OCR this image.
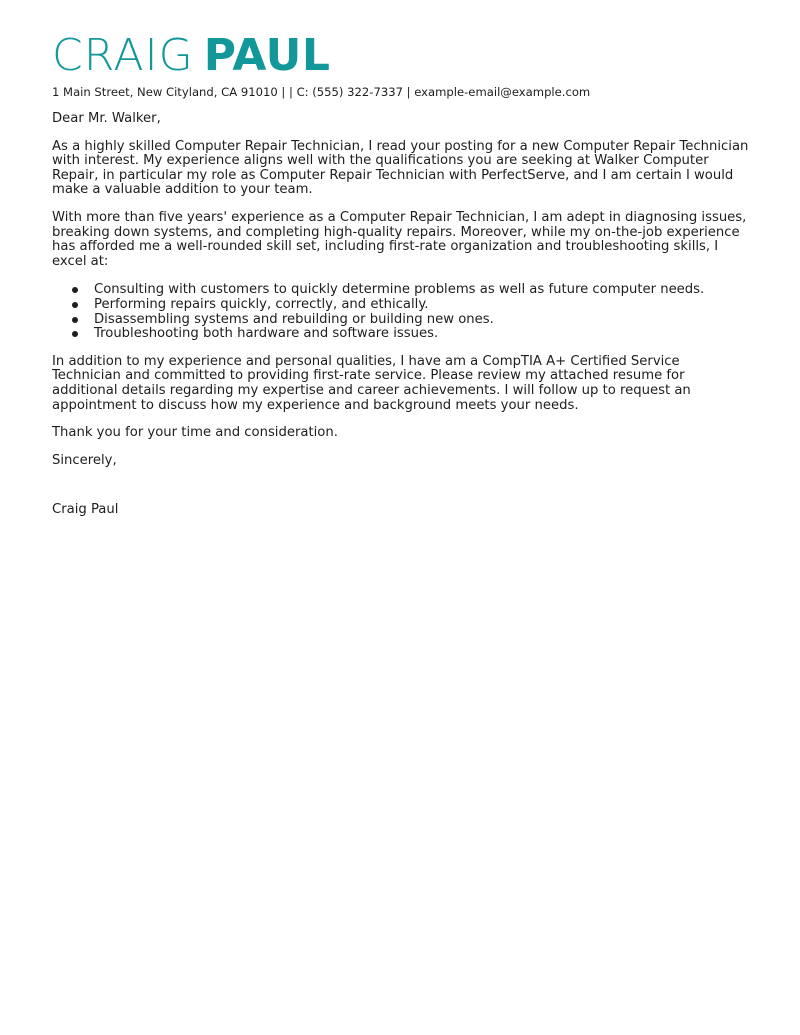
CRAIG PAUL

1 Main Street, New Cityland, CA 91010 | | C: (555) 322-7337 | example-email@example.com

Dear Mr. Walker,

As a highly skilled Computer Repair Technician, I read your posting for a new Computer Repair Technician with interest. My experience aligns well with the qualifications you are seeking at Walker Computer Repair, in particular my role as Computer Repair Technician with PerfectServe, and I am certain I would make a valuable addition to your team.

With more than five years' experience as a Computer Repair Technician, I am adept in diagnosing issues, breaking down systems, and completing high-quality repairs. Moreover, while my on-the-job experience has afforded me a well-rounded skill set, including first-rate organization and troubleshooting skills, I excel at:

Consulting with customers to quickly determine problems as well as future computer needs.
Performing repairs quickly, correctly, and ethically.
Disassembling systems and rebuilding or building new ones.
Troubleshooting both hardware and software issues.

In addition to my experience and personal qualities, I have am a CompTIA A+ Certified Service Technician and committed to providing first-rate service. Please review my attached resume for additional details regarding my expertise and career achievements. I will follow up to request an appointment to discuss how my experience and background meets your needs.

Thank you for your time and consideration.

Sincerely,

Craig Paul
